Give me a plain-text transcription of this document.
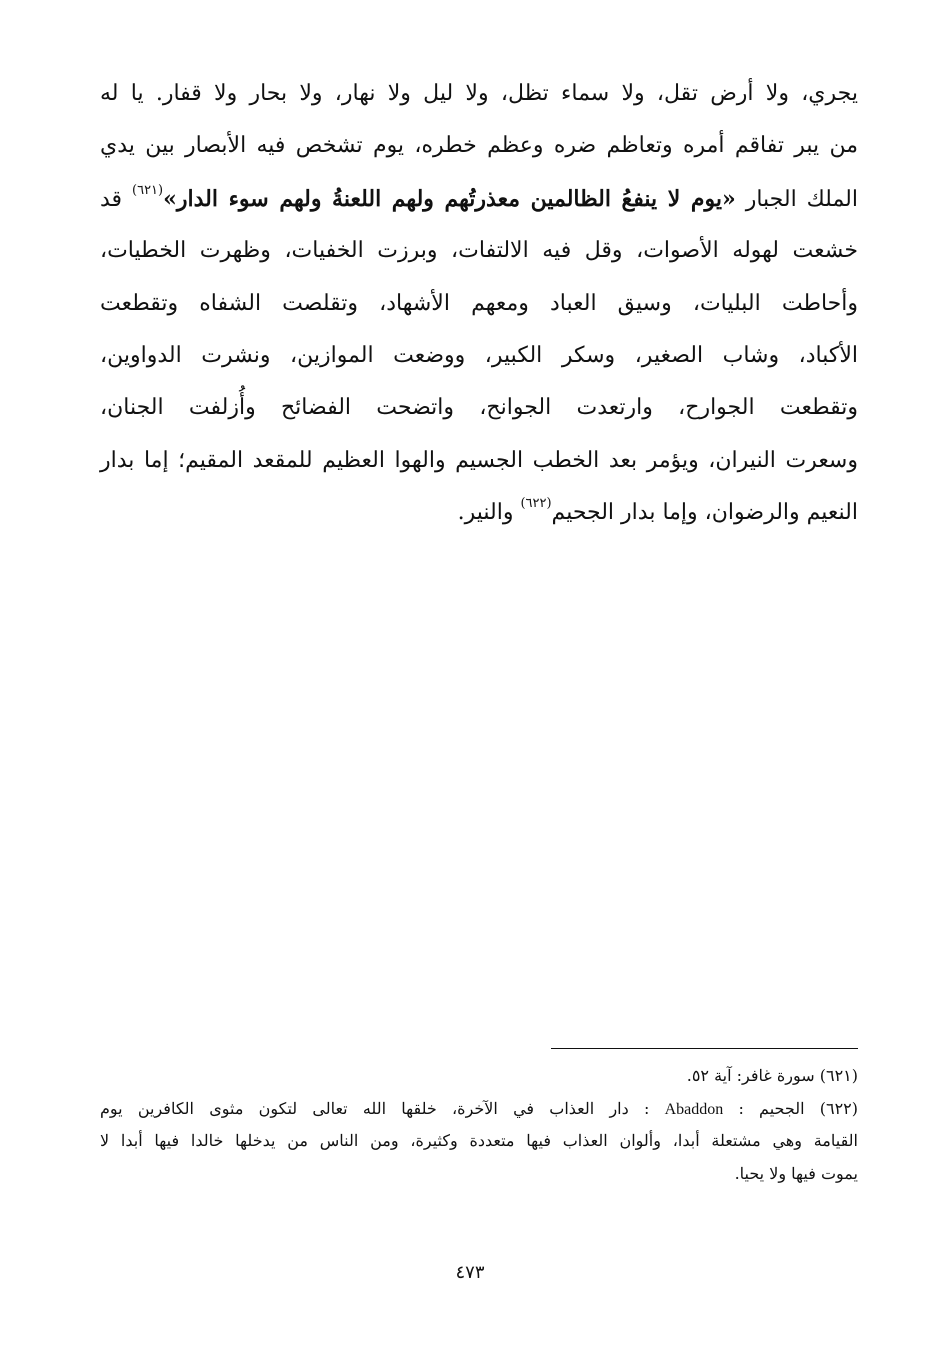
يجري، ولا أرض تقل، ولا سماء تظل، ولا ليل ولا نهار، ولا بحار ولا قفار. يا له
من يبر تفاقم أمره وتعاظم ضره وعظم خطره، يوم تشخص فيه الأبصار بين يدي
الملك الجبار «يوم لا ينفعُ الظالمين معذرتُهم ولهم اللعنةُ ولهم سوء الدار»$^{(٦٢١)}$ قد
خشعت لهوله الأصوات، وقل فيه الالتفات، وبرزت الخفيات، وظهرت الخطيات،
وأحاطت البليات، وسيق العباد ومعهم الأشهاد، وتقلصت الشفاه وتقطعت
الأكباد، وشاب الصغير، وسكر الكبير، ووضعت الموازين، ونشرت الدواوين،
وتقطعت الجوارح، وارتعدت الجوانح، واتضحت الفضائح وأُزلفت الجنان،
وسعرت النيران، ويؤمر بعد الخطب الجسيم والهوا العظيم للمقعد المقيم؛ إما بدار
النعيم والرضوان، وإما بدار الجحيم$^{(٦٢٢)}$ والنير.
(٦٢١) سورة غافر: آية ٥٢.
(٦٢٢) الجحيم : Abaddon : دار العذاب في الآخرة، خلقها الله تعالى لتكون مثوى الكافرين يوم
القيامة وهي مشتعلة أبدا، وألوان العذاب فيها متعددة وكثيرة، ومن الناس من يدخلها خالدا فيها أبدا لا
يموت فيها ولا يحيا.
٤٧٣
